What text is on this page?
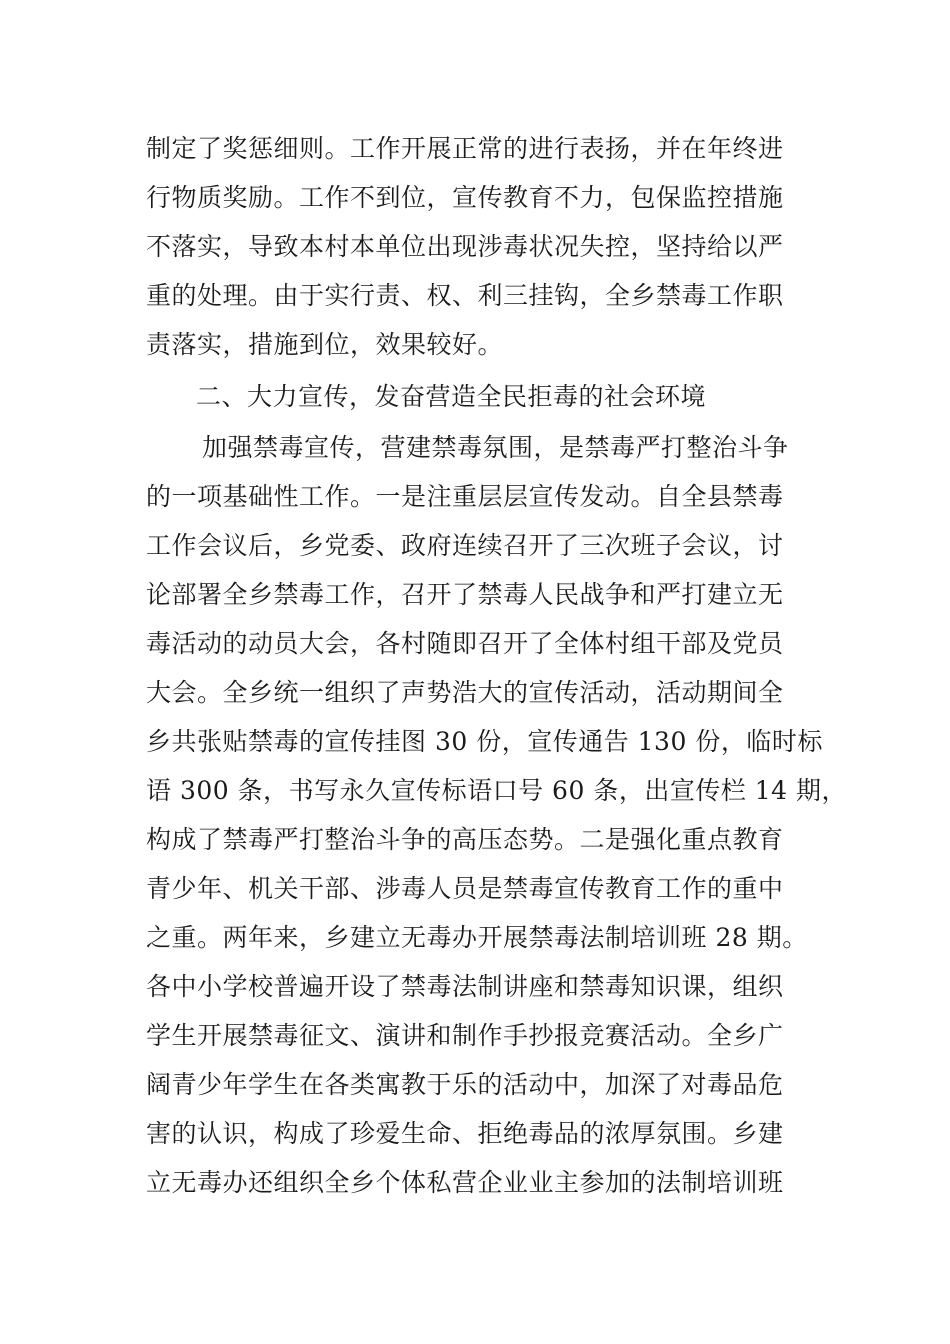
制定了奖惩细则。工作开展正常的进行表扬，并在年终进
行物质奖励。工作不到位，宣传教育不力，包保监控措施
不落实，导致本村本单位出现涉毒状况失控，坚持给以严
重的处理。由于实行责、权、利三挂钩，全乡禁毒工作职
责落实，措施到位，效果较好。
二、大力宣传，发奋营造全民拒毒的社会环境
加强禁毒宣传，营建禁毒氛围，是禁毒严打整治斗争
的一项基础性工作。一是注重层层宣传发动。自全县禁毒
工作会议后，乡党委、政府连续召开了三次班子会议，讨
论部署全乡禁毒工作，召开了禁毒人民战争和严打建立无
毒活动的动员大会，各村随即召开了全体村组干部及党员
大会。全乡统一组织了声势浩大的宣传活动，活动期间全
乡共张贴禁毒的宣传挂图 30 份，宣传通告 130 份，临时标
语 300 条，书写永久宣传标语口号 60 条，出宣传栏 14 期，
构成了禁毒严打整治斗争的高压态势。二是强化重点教育
青少年、机关干部、涉毒人员是禁毒宣传教育工作的重中
之重。两年来，乡建立无毒办开展禁毒法制培训班 28 期。
各中小学校普遍开设了禁毒法制讲座和禁毒知识课，组织
学生开展禁毒征文、演讲和制作手抄报竞赛活动。全乡广
阔青少年学生在各类寓教于乐的活动中，加深了对毒品危
害的认识，构成了珍爱生命、拒绝毒品的浓厚氛围。乡建
立无毒办还组织全乡个体私营企业业主参加的法制培训班
